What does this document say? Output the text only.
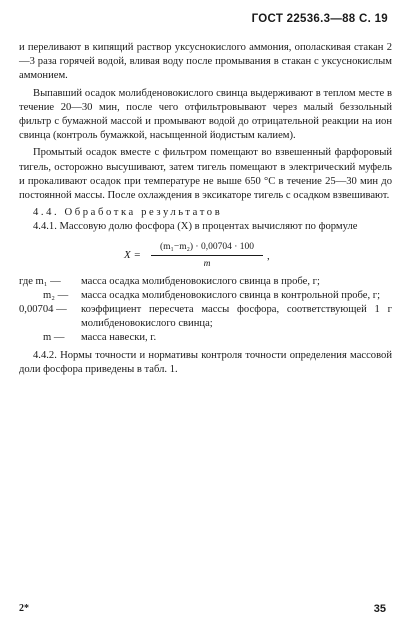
ГОСТ 22536.3—88 С. 19

и переливают в кипящий раствор уксуснокислого аммония, ополаскивая стакан 2—3 раза горячей водой, вливая воду после промывания в стакан с уксуснокислым аммонием.

Выпавший осадок молибденовокислого свинца выдерживают в теплом месте в течение 20—30 мин, после чего отфильтровывают через малый беззольный фильтр с бумажной массой и промывают водой до отрицательной реакции на ион свинца (контроль бумажкой, насыщенной йодистым калием).

Промытый осадок вместе с фильтром помещают во взвешенный фарфоровый тигель, осторожно высушивают, затем тигель помещают в электрический муфель и прокаливают осадок при температуре не выше 650 °С в течение 25—30 мин до постоянной массы. После охлаждения в эксикаторе тигель с осадком взвешивают.

4.4. Обработка результатов

4.4.1. Массовую долю фосфора (X) в процентах вычисляют по формуле

$X = \frac{\text{(m₁−m₂) · 0,00704 · 100}}{m}$ ,
где m₁ — масса осадка молибденовокислого свинца в пробе, г;
m₂ — масса осадка молибденовокислого свинца в контрольной пробе, г;
0,00704 — коэффициент пересчета массы фосфора, соответствующей 1 г молибденовокислого свинца;
m — масса навески, г.

4.4.2. Нормы точности и нормативы контроля точности определения массовой доли фосфора приведены в табл. 1.

2*	35
